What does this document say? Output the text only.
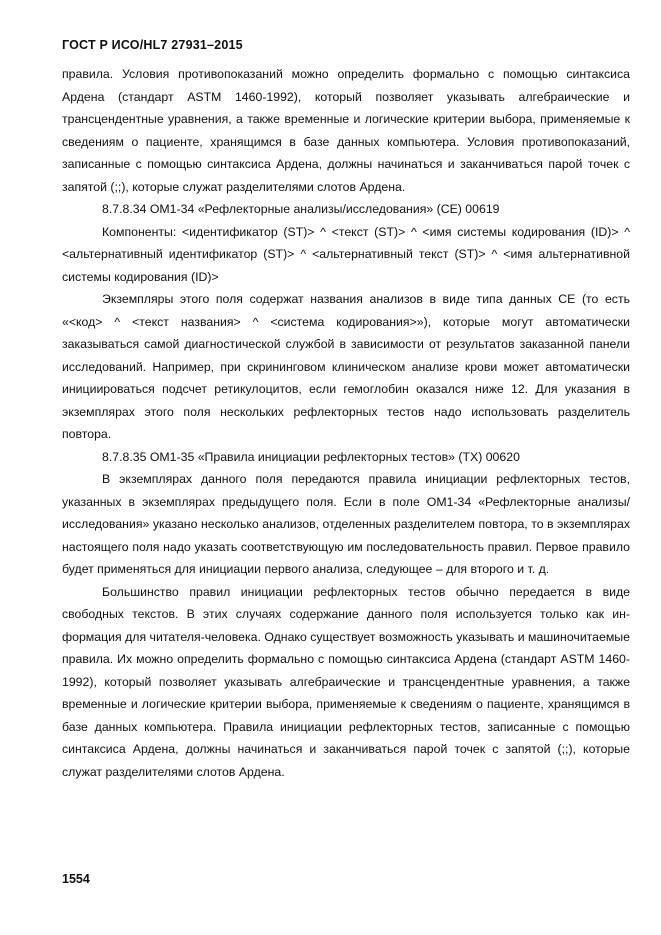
ГОСТ Р ИСО/HL7 27931–2015

правила. Условия противопоказаний можно определить формально с помощью синтаксиса Ардена (стандарт ASTM 1460-1992), который позволяет указывать алгебраические и трансцендентные уравнения, а также временные и логические критерии выбора, применяемые к сведениям о пациенте, хранящимся в базе данных компьютера. Условия противопоказаний, записанные с помощью синтаксиса Ардена, должны начинаться и заканчиваться парой точек с запятой (;;), которые служат разделителями слотов Ардена.

8.7.8.34 OM1-34 «Рефлекторные анализы/исследования» (CE) 00619

Компоненты: <идентификатор (ST)> ^ <текст (ST)> ^ <имя системы кодирования (ID)> ^ <альтернативный идентификатор (ST)> ^ <альтернативный текст (ST)> ^ <имя альтернативной системы кодирования (ID)>

Экземпляры этого поля содержат названия анализов в виде типа данных CE (то есть «<код> ^ <текст названия> ^ <система кодирования>»), которые могут автоматически заказываться самой диагностической службой в зависимости от результатов заказанной панели исследований. Например, при скрининговом клиническом анализе крови может автоматически инициироваться подсчет ретикулоцитов, если гемоглобин оказался ниже 12. Для указания в экземплярах этого поля нескольких рефлекторных тестов надо использовать разделитель повтора.

8.7.8.35 OM1-35 «Правила инициации рефлекторных тестов» (TX) 00620

В экземплярах данного поля передаются правила инициации рефлекторных тестов, указанных в экземплярах предыдущего поля. Если в поле OM1-34 «Рефлекторные анализы/исследования» указано несколько анализов, отделенных разделителем повтора, то в экземплярах настоящего поля надо указать соответствующую им последовательность правил. Первое правило будет применяться для инициации первого анализа, следующее – для второго и т. д.

Большинство правил инициации рефлекторных тестов обычно передается в виде свободных текстов. В этих случаях содержание данного поля используется только как информация для читателя-человека. Однако существует возможность указывать и машиночитаемые правила. Их можно определить формально с помощью синтаксиса Ардена (стандарт ASTM 1460-1992), который позволяет указывать алгебраические и трансцендентные уравнения, а также временные и логические критерии выбора, применяемые к сведениям о пациенте, хранящимся в базе данных компьютера. Правила инициации рефлекторных тестов, записанные с помощью синтаксиса Ардена, должны начинаться и заканчиваться парой точек с запятой (;;), которые служат разделителями слотов Ардена.

1554
